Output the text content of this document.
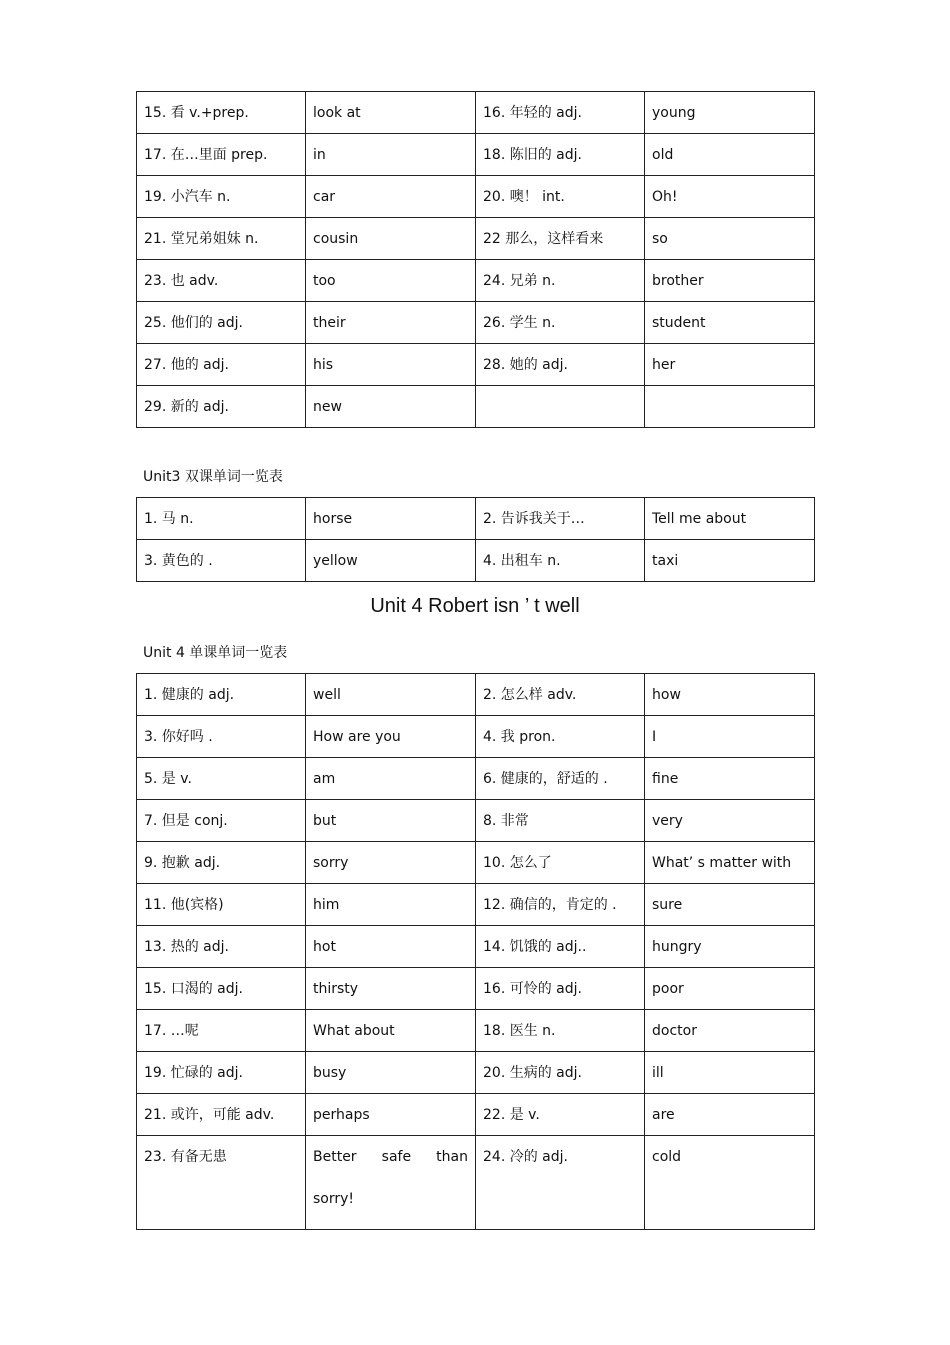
15. 看 v.+prep.	look at	16. 年轻的 adj.	young
17. 在…里面 prep.	in	18. 陈旧的 adj.	old
19. 小汽车 n.	car	20. 噢！ int.	Oh!
21. 堂兄弟姐妹 n.	cousin	22 那么，这样看来	so
23. 也 adv.	too	24. 兄弟 n.	brother
25. 他们的 adj.	their	26. 学生 n.	student
27. 他的 adj.	his	28. 她的 adj.	her
29. 新的 adj.	new		
Unit3 双课单词一览表
1. 马 n.	horse	2. 告诉我关于…	Tell me about
3. 黄色的 .	yellow	4. 出租车 n.	taxi
Unit 4 Robert isn ’ t well
Unit 4 单课单词一览表
1. 健康的 adj.	well	2. 怎么样 adv.	how
3. 你好吗 .	How are you	4. 我 pron.	I
5. 是 v.	am	6. 健康的，舒适的 .	fine
7. 但是 conj.	but	8. 非常	very
9. 抱歉 adj.	sorry	10. 怎么了	What’ s matter with
11. 他(宾格)	him	12. 确信的，肯定的 .	sure
13. 热的 adj.	hot	14. 饥饿的 adj..	hungry
15. 口渴的 adj.	thirsty	16. 可怜的 adj.	poor
17. …呢	What about	18. 医生 n.	doctor
19. 忙碌的 adj.	busy	20. 生病的 adj.	ill
21. 或许，可能 adv.	perhaps	22. 是 v.	are
23. 有备无患	Better safe than sorry!	24. 冷的 adj.	cold
